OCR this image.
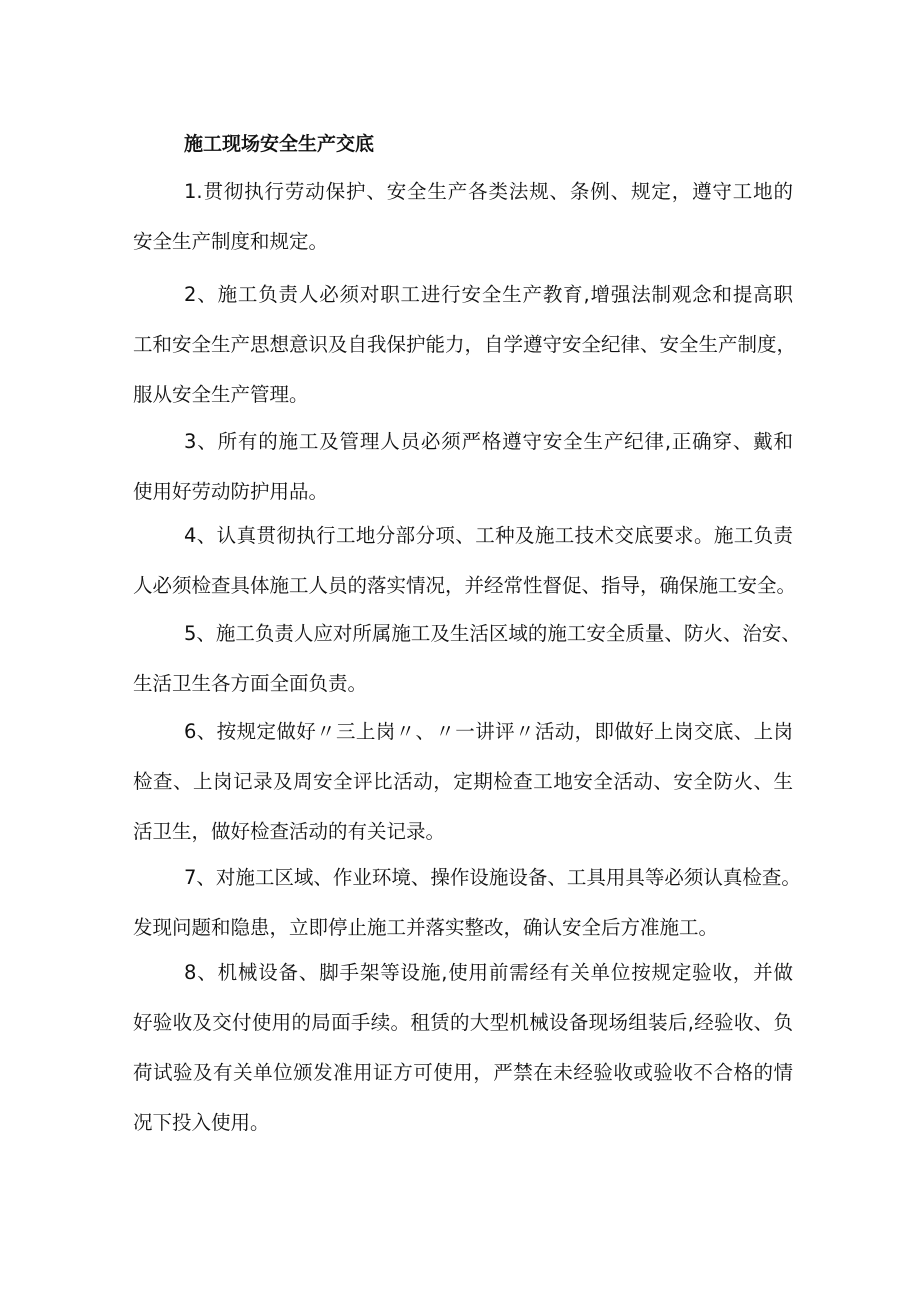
施工现场安全生产交底
1.贯彻执行劳动保护、安全生产各类法规、条例、规定，遵守工地的
安全生产制度和规定。
2、施工负责人必须对职工进行安全生产教育,增强法制观念和提高职
工和安全生产思想意识及自我保护能力，自学遵守安全纪律、安全生产制度，
服从安全生产管理。
3、所有的施工及管理人员必须严格遵守安全生产纪律,正确穿、戴和
使用好劳动防护用品。
4、认真贯彻执行工地分部分项、工种及施工技术交底要求。施工负责
人必须检查具体施工人员的落实情况，并经常性督促、指导，确保施工安全。
5、施工负责人应对所属施工及生活区域的施工安全质量、防火、治安、
生活卫生各方面全面负责。
6、按规定做好〃三上岗〃、〃一讲评〃活动，即做好上岗交底、上岗
检查、上岗记录及周安全评比活动，定期检查工地安全活动、安全防火、生
活卫生，做好检查活动的有关记录。
7、对施工区域、作业环境、操作设施设备、工具用具等必须认真检查。
发现问题和隐患，立即停止施工并落实整改，确认安全后方准施工。
8、机械设备、脚手架等设施,使用前需经有关单位按规定验收，并做
好验收及交付使用的局面手续。租赁的大型机械设备现场组装后,经验收、负
荷试验及有关单位颁发准用证方可使用，严禁在未经验收或验收不合格的情
况下投入使用。
